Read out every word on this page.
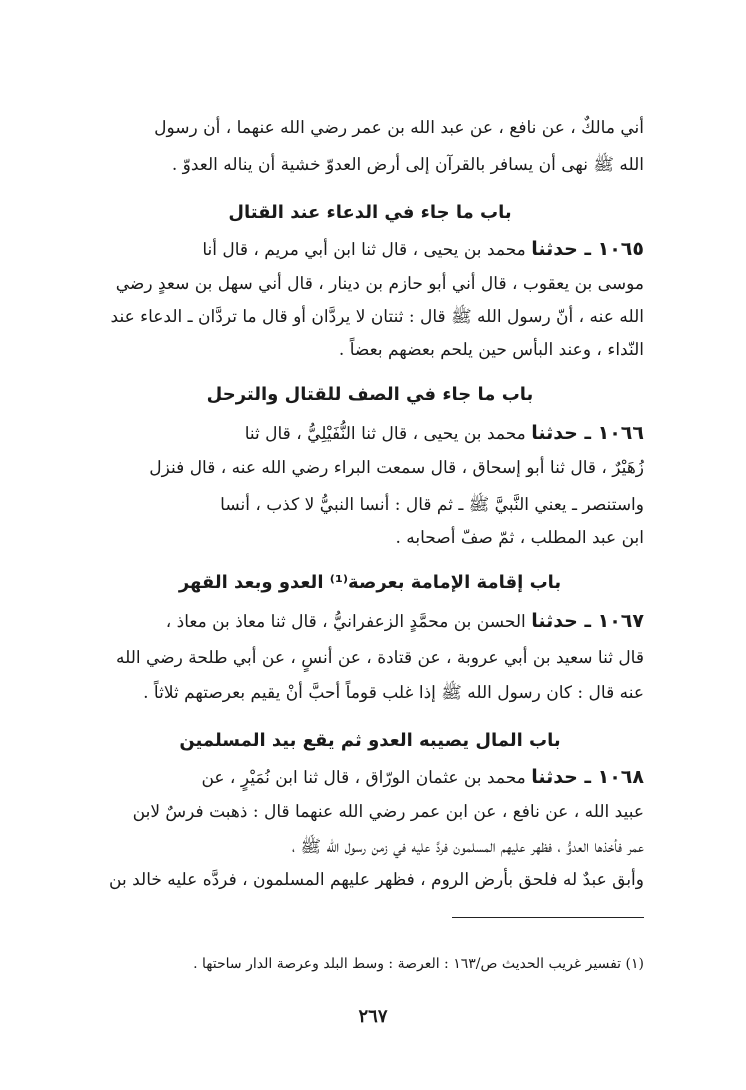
أني مالكٌ ، عن نافع ، عن عبد الله بن عمر رضي الله عنهما ، أن رسول
الله ﷺ نهى أن يسافر بالقرآن إلى أرض العدوّ خشية أن يناله العدوّ .
باب ما جاء في الدعاء عند القتال
١٠٦٥ ـ حدثنا محمد بن يحيى ، قال ثنا ابن أبي مريم ، قال أنا
موسى بن يعقوب ، قال أني أبو حازم بن دينار ، قال أني سهل بن سعدٍ رضي
الله عنه ، أنّ رسول الله ﷺ قال : ثنتان لا يردَّان أو قال ما تردَّان ـ الدعاء عند
النّداء ، وعند البأس حين يلحم بعضهم بعضاً .
باب ما جاء في الصف للقتال والترحل
١٠٦٦ ـ حدثنا محمد بن يحيى ، قال ثنا النُّفَيْلِيُّ ، قال ثنا
زُهَيْرٌ ، قال ثنا أبو إسحاق ، قال سمعت البراء رضي الله عنه ، قال فنزل
واستنصر ـ يعني النَّبيَّ ﷺ ـ ثم قال : أنسا النبيُّ لا كذب ، أنسا
ابن عبد المطلب ، ثمّ صفّ أصحابه .
باب إقامة الإمامة بعرصة⁽¹⁾ العدو وبعد القهر
١٠٦٧ ـ حدثنا الحسن بن محمَّدٍ الزعفرانيُّ ، قال ثنا معاذ بن معاذ ،
قال ثنا سعيد بن أبي عروبة ، عن قتادة ، عن أنسٍ ، عن أبي طلحة رضي الله
عنه قال : كان رسول الله ﷺ إذا غلب قوماً أحبَّ أنْ يقيم بعرصتهم ثلاثاً .
باب المال يصيبه العدو ثم يقع بيد المسلمين
١٠٦٨ ـ حدثنا محمد بن عثمان الورّاق ، قال ثنا ابن نُمَيْرٍ ، عن
عبيد الله ، عن نافع ، عن ابن عمر رضي الله عنهما قال : ذهبت فرسٌ لابن
عمر فأخذها العدوُّ ، فظهر عليهم المسلمون فردَّ عليه في زمن رسول الله ﷺ ،
وأبق عبدٌ له فلحق بأرض الروم ، فظهر عليهم المسلمون ، فردَّه عليه خالد بن
(١) تفسير غريب الحديث ص/١٦٣ : العرصة : وسط البلد وعرصة الدار ساحتها .
٢٦٧
